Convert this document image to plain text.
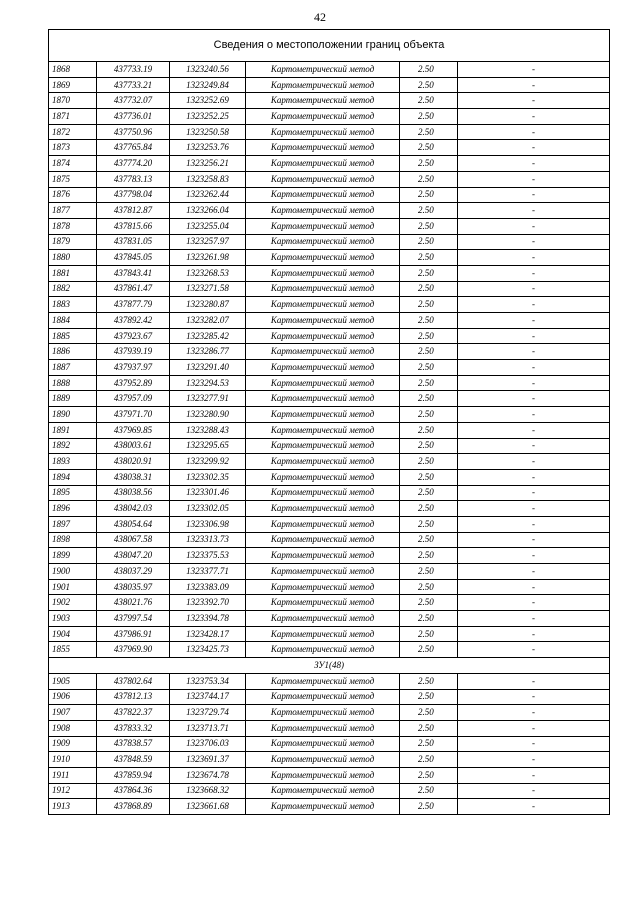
42
Сведения о местоположении границ объекта					
1868	437733.19	1323240.56	Картометрический метод	2.50	-
1869	437733.21	1323249.84	Картометрический метод	2.50	-
1870	437732.07	1323252.69	Картометрический метод	2.50	-
1871	437736.01	1323252.25	Картометрический метод	2.50	-
1872	437750.96	1323250.58	Картометрический метод	2.50	-
1873	437765.84	1323253.76	Картометрический метод	2.50	-
1874	437774.20	1323256.21	Картометрический метод	2.50	-
1875	437783.13	1323258.83	Картометрический метод	2.50	-
1876	437798.04	1323262.44	Картометрический метод	2.50	-
1877	437812.87	1323266.04	Картометрический метод	2.50	-
1878	437815.66	1323255.04	Картометрический метод	2.50	-
1879	437831.05	1323257.97	Картометрический метод	2.50	-
1880	437845.05	1323261.98	Картометрический метод	2.50	-
1881	437843.41	1323268.53	Картометрический метод	2.50	-
1882	437861.47	1323271.58	Картометрический метод	2.50	-
1883	437877.79	1323280.87	Картометрический метод	2.50	-
1884	437892.42	1323282.07	Картометрический метод	2.50	-
1885	437923.67	1323285.42	Картометрический метод	2.50	-
1886	437939.19	1323286.77	Картометрический метод	2.50	-
1887	437937.97	1323291.40	Картометрический метод	2.50	-
1888	437952.89	1323294.53	Картометрический метод	2.50	-
1889	437957.09	1323277.91	Картометрический метод	2.50	-
1890	437971.70	1323280.90	Картометрический метод	2.50	-
1891	437969.85	1323288.43	Картометрический метод	2.50	-
1892	438003.61	1323295.65	Картометрический метод	2.50	-
1893	438020.91	1323299.92	Картометрический метод	2.50	-
1894	438038.31	1323302.35	Картометрический метод	2.50	-
1895	438038.56	1323301.46	Картометрический метод	2.50	-
1896	438042.03	1323302.05	Картометрический метод	2.50	-
1897	438054.64	1323306.98	Картометрический метод	2.50	-
1898	438067.58	1323313.73	Картометрический метод	2.50	-
1899	438047.20	1323375.53	Картометрический метод	2.50	-
1900	438037.29	1323377.71	Картометрический метод	2.50	-
1901	438035.97	1323383.09	Картометрический метод	2.50	-
1902	438021.76	1323392.70	Картометрический метод	2.50	-
1903	437997.54	1323394.78	Картометрический метод	2.50	-
1904	437986.91	1323428.17	Картометрический метод	2.50	-
1855	437969.90	1323425.73	Картометрический метод	2.50	-
ЗУ1(48)					
1905	437802.64	1323753.34	Картометрический метод	2.50	-
1906	437812.13	1323744.17	Картометрический метод	2.50	-
1907	437822.37	1323729.74	Картометрический метод	2.50	-
1908	437833.32	1323713.71	Картометрический метод	2.50	-
1909	437838.57	1323706.03	Картометрический метод	2.50	-
1910	437848.59	1323691.37	Картометрический метод	2.50	-
1911	437859.94	1323674.78	Картометрический метод	2.50	-
1912	437864.36	1323668.32	Картометрический метод	2.50	-
1913	437868.89	1323661.68	Картометрический метод	2.50	-
